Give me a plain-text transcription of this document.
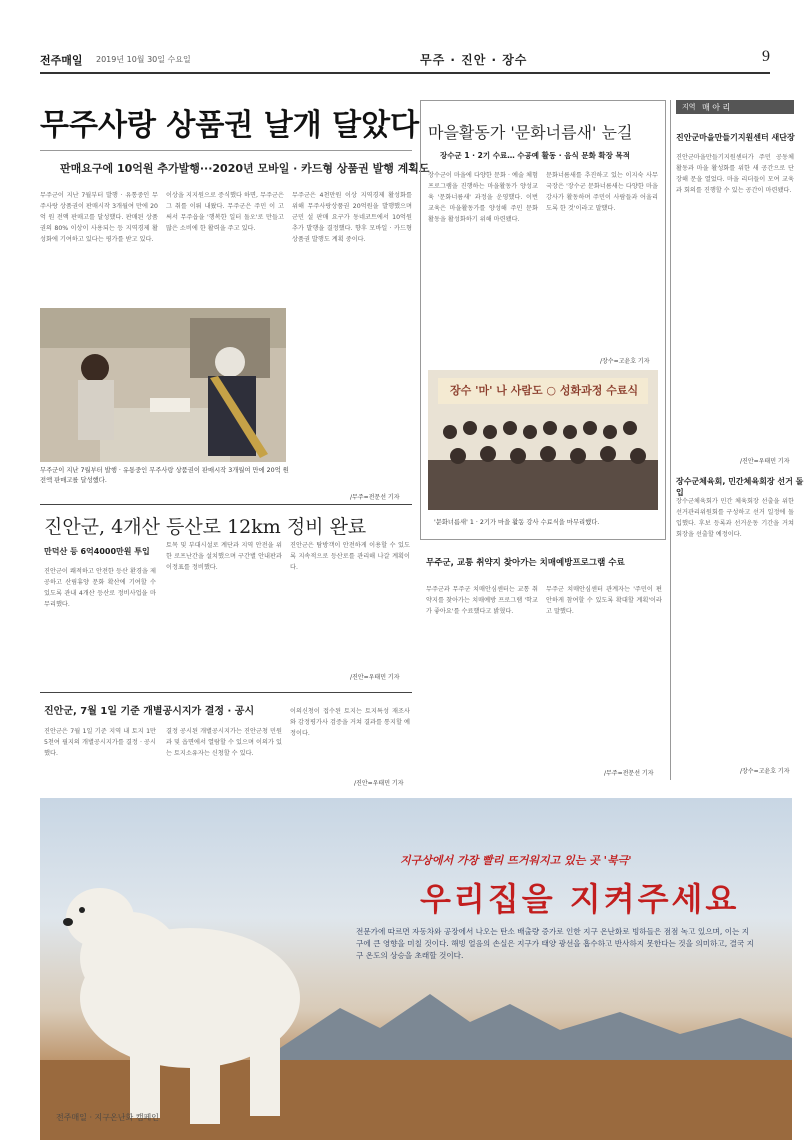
전주매일 2019년 10월 30일 수요일	무주 · 진안 · 장수	9
무주사랑 상품권 날개 달았다
판매요구에 10억원 추가발행···2020년 모바일 · 카드형 상품권 발행 계획도
무주군이 지난 7월부터 발행 · 유통중인 무주사랑 상품권이 판매시작 3개월여 만에 20억 원 전액 판매고를 달성했다. 판매된 상품권의 80% 이상이 사용되는 등 지역경제 활성화에 기여하고 있다는 평가를 받고 있다.
이상을 지지원으로 증식했다 하면, 무주군은 그 취를 이뤄 내왔다. 무주군은 주민 이 고 써서 무주읍을 '행복한 일터 돌오'로 만들고 많은 소비에 한 활력을 주고 있다.
무주군은 4천만원 이상 지역경제 활성화를 위해 무주사랑상품권 20억원을 발행했으며 군민 설 판매 요구가 동네코트에서 10억원 추가 발행을 결정했다. 향후 모바일 · 카드형 상품권 발행도 계획 중이다.
/무주=전문선 기자
무주군이 지난 7월부터 발행 · 유통중인 무주사랑 상품권이 판매시작 3개월여 만에 20억 원 전액 판매고를 달성했다.
마을활동가 '문화너름새' 눈길
장수군 1 · 2기 수료… 수공예 활동 · 음식 문화 확장 목적
장수군이 마을에 다양한 문화 · 예술 체험 프로그램을 진행하는 마을활동가 양성교육 '문화너름새' 과정을 운영했다. 이번 교육은 마을활동가를 양성해 주민 문화 활동을 활성화하기 위해 마련됐다.
문화너름새를 추진하고 있는 이지숙 사무국장은 '장수군 문화너름새는 다양한 마을 강사가 활동하며 주민이 사람들과 어울리도록 한 것'이라고 말했다.
/장수=고윤호 기자
장수 '마' 나 사람도 ○ 성화과정 수료식
'문화너름새' 1 · 2기가 마을 활동 강사 수료식을 마무리했다.
지역 매 아 리
진안군마을만들기지원센터 새단장
진안군마을만들기지원센터가 주민 공동체 활동과 마을 활성화를 위한 새 공간으로 단장해 문을 열었다. 마을 리더들이 모여 교육과 회의를 진행할 수 있는 공간이 마련됐다.
/진안=우태민 기자
장수군체육회, 민간체육회장 선거 돌입
장수군체육회가 민간 체육회장 선출을 위한 선거관리위원회를 구성하고 선거 일정에 돌입했다. 후보 등록과 선거운동 기간을 거쳐 회장을 선출할 예정이다.
/장수=고윤호 기자
진안군, 4개산 등산로 12km 정비 완료
만덕산 등 6억4000만원 투입
진안군이 쾌적하고 안전한 등산 환경을 제공하고 산림휴양 문화 확산에 기여할 수 있도록 관내 4개산 등산로 정비사업을 마무리했다.
토목 및 부대시설로 계단과 지역 안전을 위한 로프난간을 설치했으며 구간별 안내판과 이정표를 정비했다.
진안군은 탐방객이 안전하게 이용할 수 있도록 지속적으로 등산로를 관리해 나갈 계획이다.
/진안=우태민 기자
진안군, 7월 1일 기준 개별공시지가 결정 · 공시
진안군은 7월 1일 기준 지역 내 토지 1만5천여 필지의 개별공시지가를 결정 · 공시했다.
결정 공시된 개별공시지가는 진안군청 민원과 및 읍면에서 열람할 수 있으며 이의가 있는 토지소유자는 신청할 수 있다.
이의신청이 접수된 토지는 토지특성 재조사와 감정평가사 검증을 거쳐 결과를 통지할 예정이다.
/진안=우태민 기자
무주군, 교통 취약지 찾아가는 치매예방프로그램 수료
무주군과 무주군 치매안심센터는 교통 취약지를 찾아가는 치매예방 프로그램 '학교가 좋아요'를 수료했다고 밝혔다.
무주군 치매안심센터 관계자는 '주민이 편안하게 참여할 수 있도록 확대할 계획'이라고 말했다.
/무주=전문선 기자
지구상에서 가장 빨리 뜨거워지고 있는 곳 '북극'
우리집을 지켜주세요
전문가에 따르면 자동차와 공장에서 나오는 탄소 배출량 증가로 인한 지구 온난화로 빙하들은 점점 녹고 있으며, 이는 지구에 큰 영향을 미칠 것이다. 해빙 얼음의 손실은 지구가 태양 광선을 흡수하고 반사하지 못한다는 것을 의미하고, 결국 지구 온도의 상승을 초래할 것이다.
전주매일 · 지구온난화 캠페인
